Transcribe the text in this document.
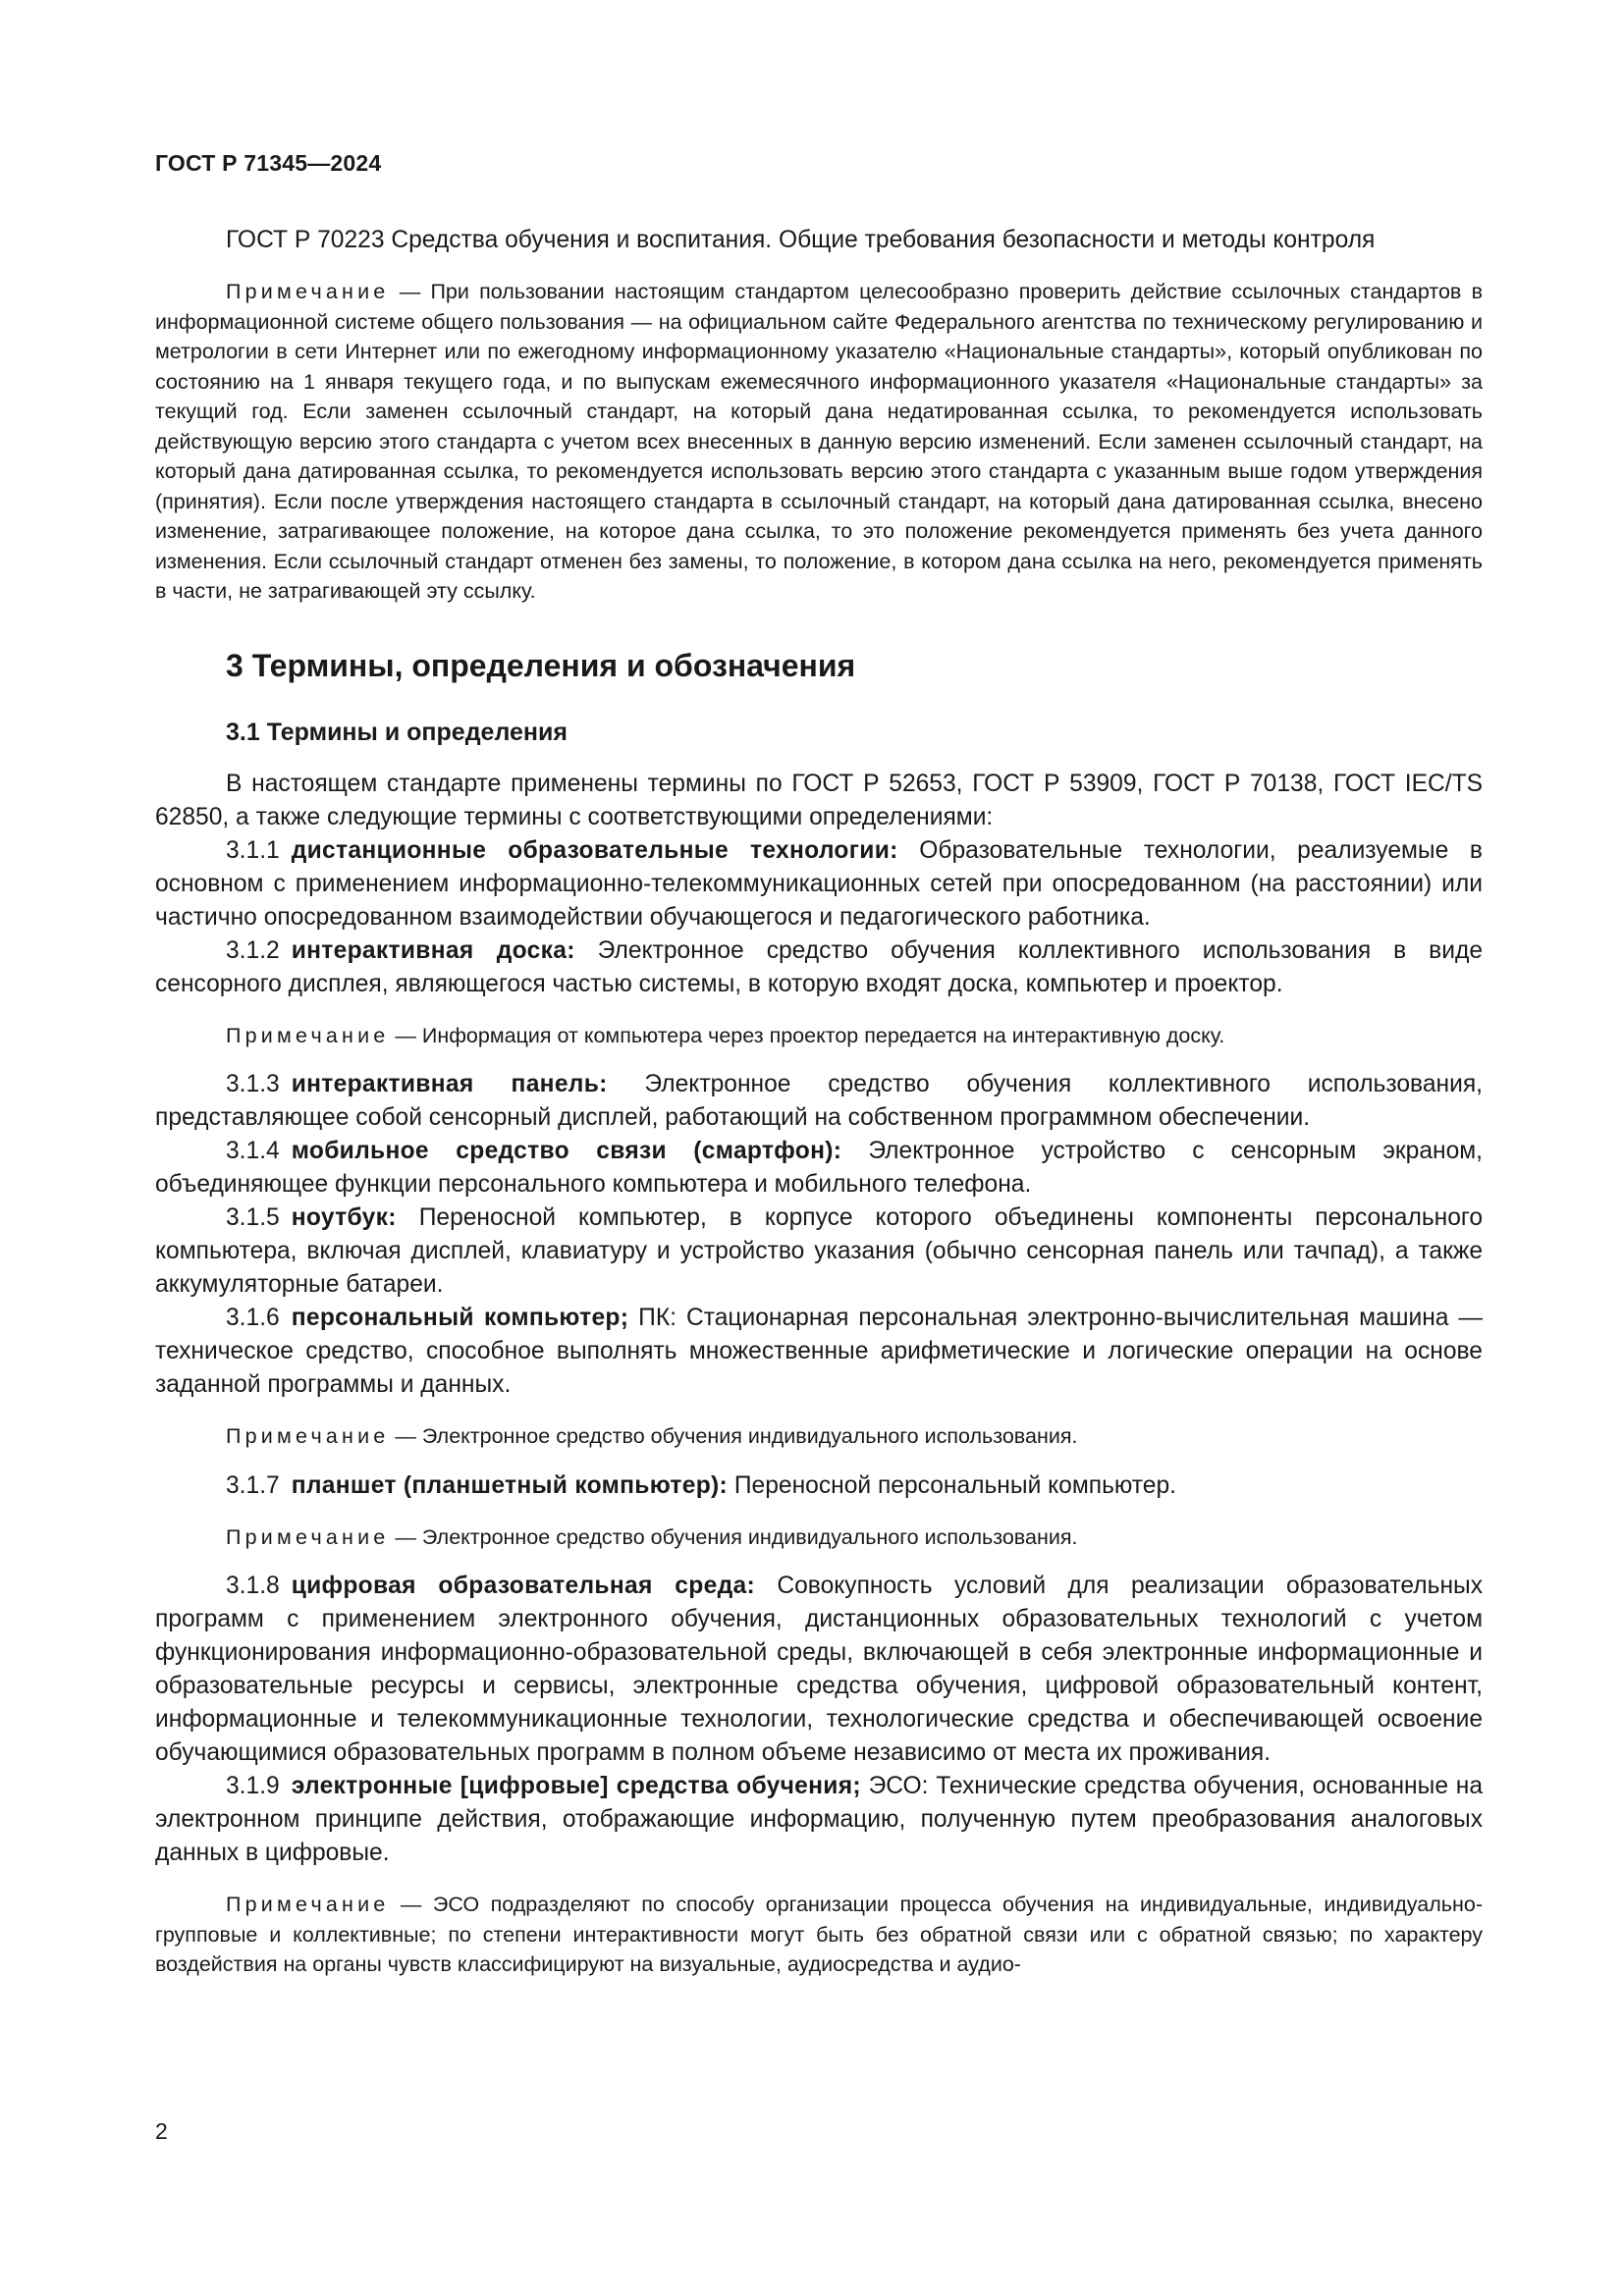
ГОСТ Р 71345—2024

ГОСТ Р 70223 Средства обучения и воспитания. Общие требования безопасности и методы контроля

Примечание — При пользовании настоящим стандартом целесообразно проверить действие ссылочных стандартов в информационной системе общего пользования — на официальном сайте Федерального агентства по техническому регулированию и метрологии в сети Интернет или по ежегодному информационному указателю «Национальные стандарты», который опубликован по состоянию на 1 января текущего года, и по выпускам ежемесячного информационного указателя «Национальные стандарты» за текущий год. Если заменен ссылочный стандарт, на который дана недатированная ссылка, то рекомендуется использовать действующую версию этого стандарта с учетом всех внесенных в данную версию изменений. Если заменен ссылочный стандарт, на который дана датированная ссылка, то рекомендуется использовать версию этого стандарта с указанным выше годом утверждения (принятия). Если после утверждения настоящего стандарта в ссылочный стандарт, на который дана датированная ссылка, внесено изменение, затрагивающее положение, на которое дана ссылка, то это положение рекомендуется применять без учета данного изменения. Если ссылочный стандарт отменен без замены, то положение, в котором дана ссылка на него, рекомендуется применять в части, не затрагивающей эту ссылку.

3 Термины, определения и обозначения
3.1 Термины и определения

В настоящем стандарте применены термины по ГОСТ Р 52653, ГОСТ Р 53909, ГОСТ Р 70138, ГОСТ IEC/TS 62850, а также следующие термины с соответствующими определениями:

3.1.1 дистанционные образовательные технологии: Образовательные технологии, реализуемые в основном с применением информационно-телекоммуникационных сетей при опосредованном (на расстоянии) или частично опосредованном взаимодействии обучающегося и педагогического работника.

3.1.2 интерактивная доска: Электронное средство обучения коллективного использования в виде сенсорного дисплея, являющегося частью системы, в которую входят доска, компьютер и проектор.

Примечание — Информация от компьютера через проектор передается на интерактивную доску.

3.1.3 интерактивная панель: Электронное средство обучения коллективного использования, представляющее собой сенсорный дисплей, работающий на собственном программном обеспечении.

3.1.4 мобильное средство связи (смартфон): Электронное устройство с сенсорным экраном, объединяющее функции персонального компьютера и мобильного телефона.

3.1.5 ноутбук: Переносной компьютер, в корпусе которого объединены компоненты персонального компьютера, включая дисплей, клавиатуру и устройство указания (обычно сенсорная панель или тачпад), а также аккумуляторные батареи.

3.1.6 персональный компьютер; ПК: Стационарная персональная электронно-вычислительная машина — техническое средство, способное выполнять множественные арифметические и логические операции на основе заданной программы и данных.

Примечание — Электронное средство обучения индивидуального использования.

3.1.7 планшет (планшетный компьютер): Переносной персональный компьютер.

Примечание — Электронное средство обучения индивидуального использования.

3.1.8 цифровая образовательная среда: Совокупность условий для реализации образовательных программ с применением электронного обучения, дистанционных образовательных технологий с учетом функционирования информационно-образовательной среды, включающей в себя электронные информационные и образовательные ресурсы и сервисы, электронные средства обучения, цифровой образовательный контент, информационные и телекоммуникационные технологии, технологические средства и обеспечивающей освоение обучающимися образовательных программ в полном объеме независимо от места их проживания.

3.1.9 электронные [цифровые] средства обучения; ЭСО: Технические средства обучения, основанные на электронном принципе действия, отображающие информацию, полученную путем преобразования аналоговых данных в цифровые.

Примечание — ЭСО подразделяют по способу организации процесса обучения на индивидуальные, индивидуально-групповые и коллективные; по степени интерактивности могут быть без обратной связи или с обратной связью; по характеру воздействия на органы чувств классифицируют на визуальные, аудиосредства и аудио-

2
